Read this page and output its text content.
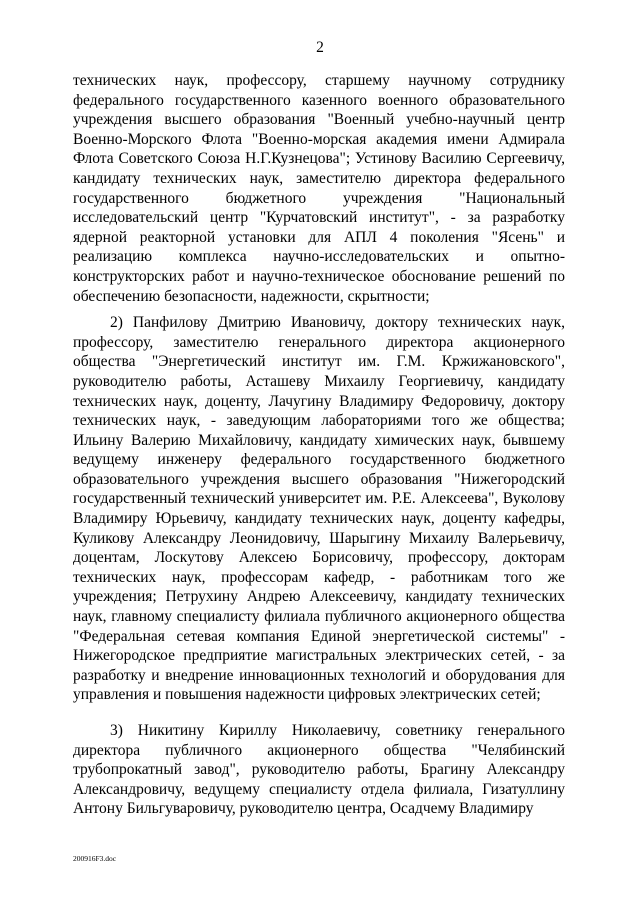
2

технических наук, профессору, старшему научному сотруднику федерального государственного казенного военного образовательного учреждения высшего образования "Военный учебно-научный центр Военно-Морского Флота "Военно-морская академия имени Адмирала Флота Советского Союза Н.Г.Кузнецова"; Устинову Василию Сергеевичу, кандидату технических наук, заместителю директора федерального государственного бюджетного учреждения "Национальный исследовательский центр "Курчатовский институт", - за разработку ядерной реакторной установки для АПЛ 4 поколения "Ясень" и реализацию комплекса научно-исследовательских и опытно-конструкторских работ и научно-техническое обоснование решений по обеспечению безопасности, надежности, скрытности;

2) Панфилову Дмитрию Ивановичу, доктору технических наук, профессору, заместителю генерального директора акционерного общества "Энергетический институт им. Г.М. Кржижановского", руководителю работы, Асташеву Михаилу Георгиевичу, кандидату технических наук, доценту, Лачугину Владимиру Федоровичу, доктору технических наук, - заведующим лабораториями того же общества; Ильину Валерию Михайловичу, кандидату химических наук, бывшему ведущему инженеру федерального государственного бюджетного образовательного учреждения высшего образования "Нижегородский государственный технический университет им. Р.Е. Алексеева", Вуколову Владимиру Юрьевичу, кандидату технических наук, доценту кафедры, Куликову Александру Леонидовичу, Шарыгину Михаилу Валерьевичу, доцентам, Лоскутову Алексею Борисовичу, профессору, докторам технических наук, профессорам кафедр, - работникам того же учреждения; Петрухину Андрею Алексеевичу, кандидату технических наук, главному специалисту филиала публичного акционерного общества "Федеральная сетевая компания Единой энергетической системы" - Нижегородское предприятие магистральных электрических сетей, - за разработку и внедрение инновационных технологий и оборудования для управления и повышения надежности цифровых электрических сетей;

3) Никитину Кириллу Николаевичу, советнику генерального директора публичного акционерного общества "Челябинский трубопрокатный завод", руководителю работы, Брагину Александру Александровичу, ведущему специалисту отдела филиала, Гизатуллину Антону Бильгуваровичу, руководителю центра, Осадчему Владимиру

200916F3.doc
